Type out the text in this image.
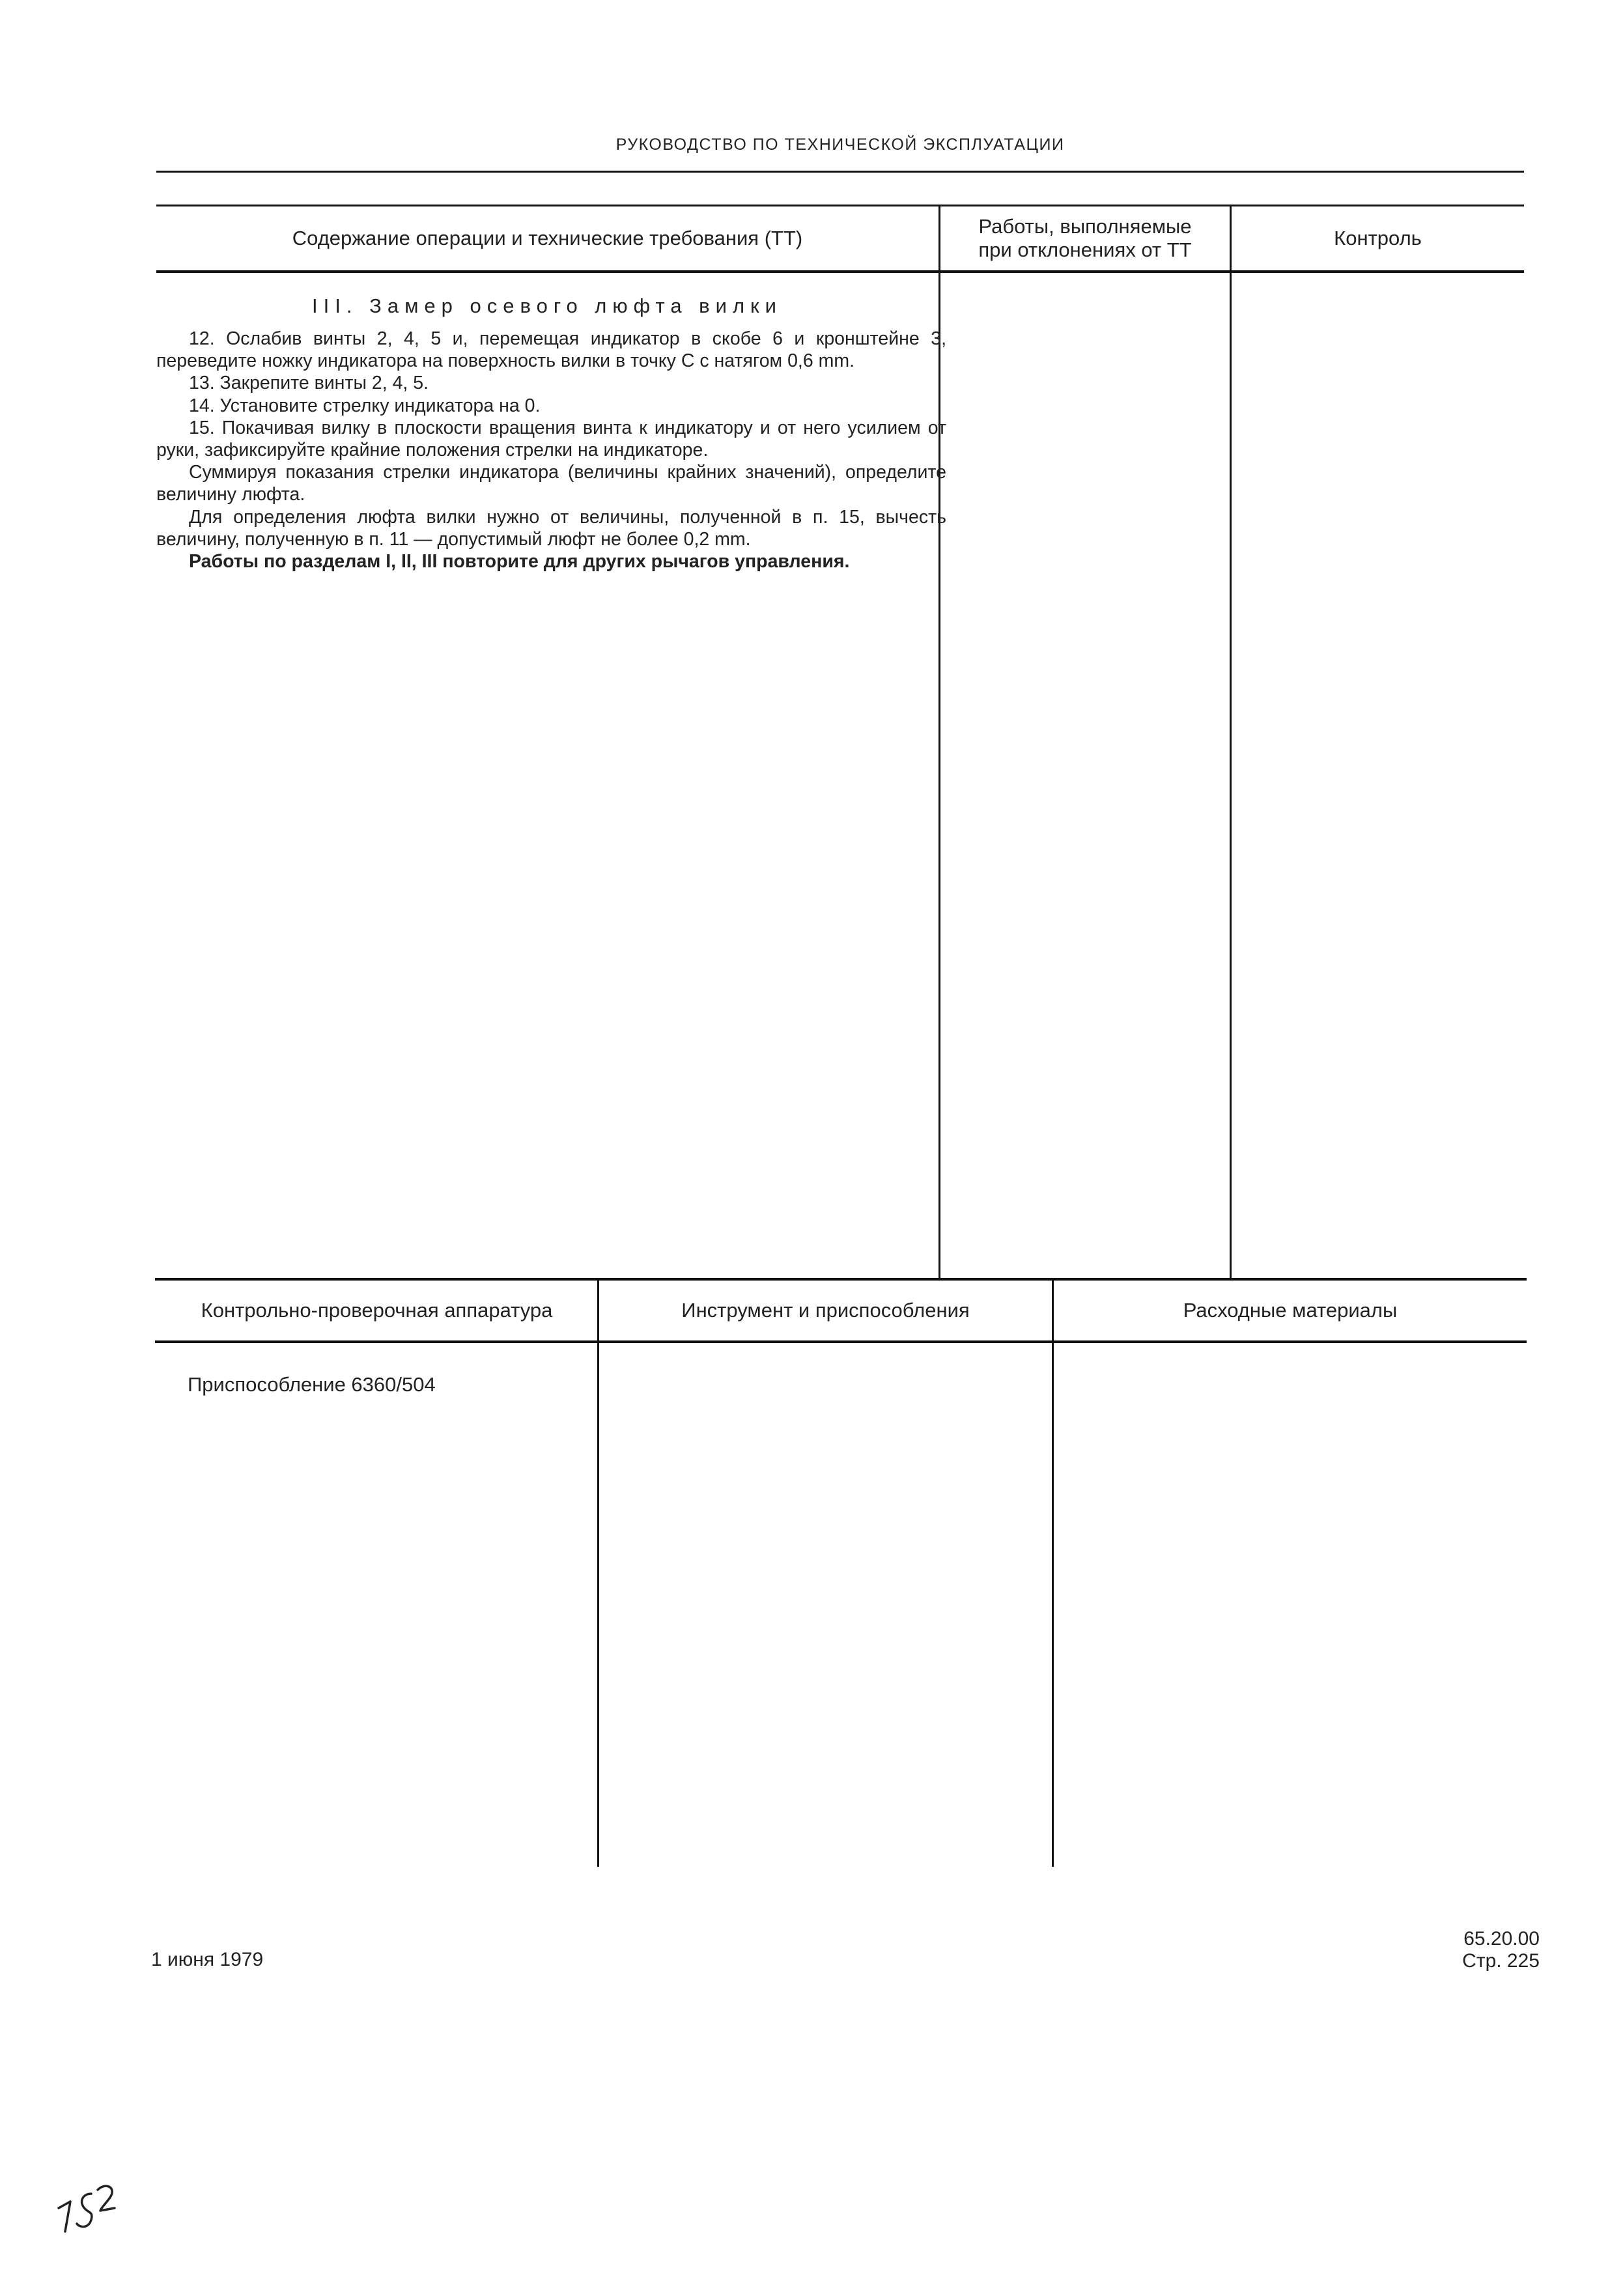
РУКОВОДСТВО ПО ТЕХНИЧЕСКОЙ ЭКСПЛУАТАЦИИ
Содержание операции и технические требования (ТТ)
Работы, выполняемые
при отклонениях от ТТ
Контроль
III. Замер осевого люфта вилки

12. Ослабив винты 2, 4, 5 и, перемещая индикатор в скобе 6 и кронштейне 3, переведите ножку индикатора на поверхность вилки в точку С с натягом 0,6 mm.

13. Закрепите винты 2, 4, 5.

14. Установите стрелку индикатора на 0.

15. Покачивая вилку в плоскости вращения винта к индикатору и от него усилием от руки, зафиксируйте крайние положения стрелки на индикаторе.

Суммируя показания стрелки индикатора (величины крайних значений), определите величину люфта.

Для определения люфта вилки нужно от величины, полученной в п. 15, вычесть величину, полученную в п. 11 — допустимый люфт не более 0,2 mm.

Работы по разделам I, II, III повторите для других рычагов управления.

Контрольно-проверочная аппаратура	Инструмент и приспособления	Расходные материалы
Приспособление 6360/504
1 июня 1979
65.20.00
Стр. 225
